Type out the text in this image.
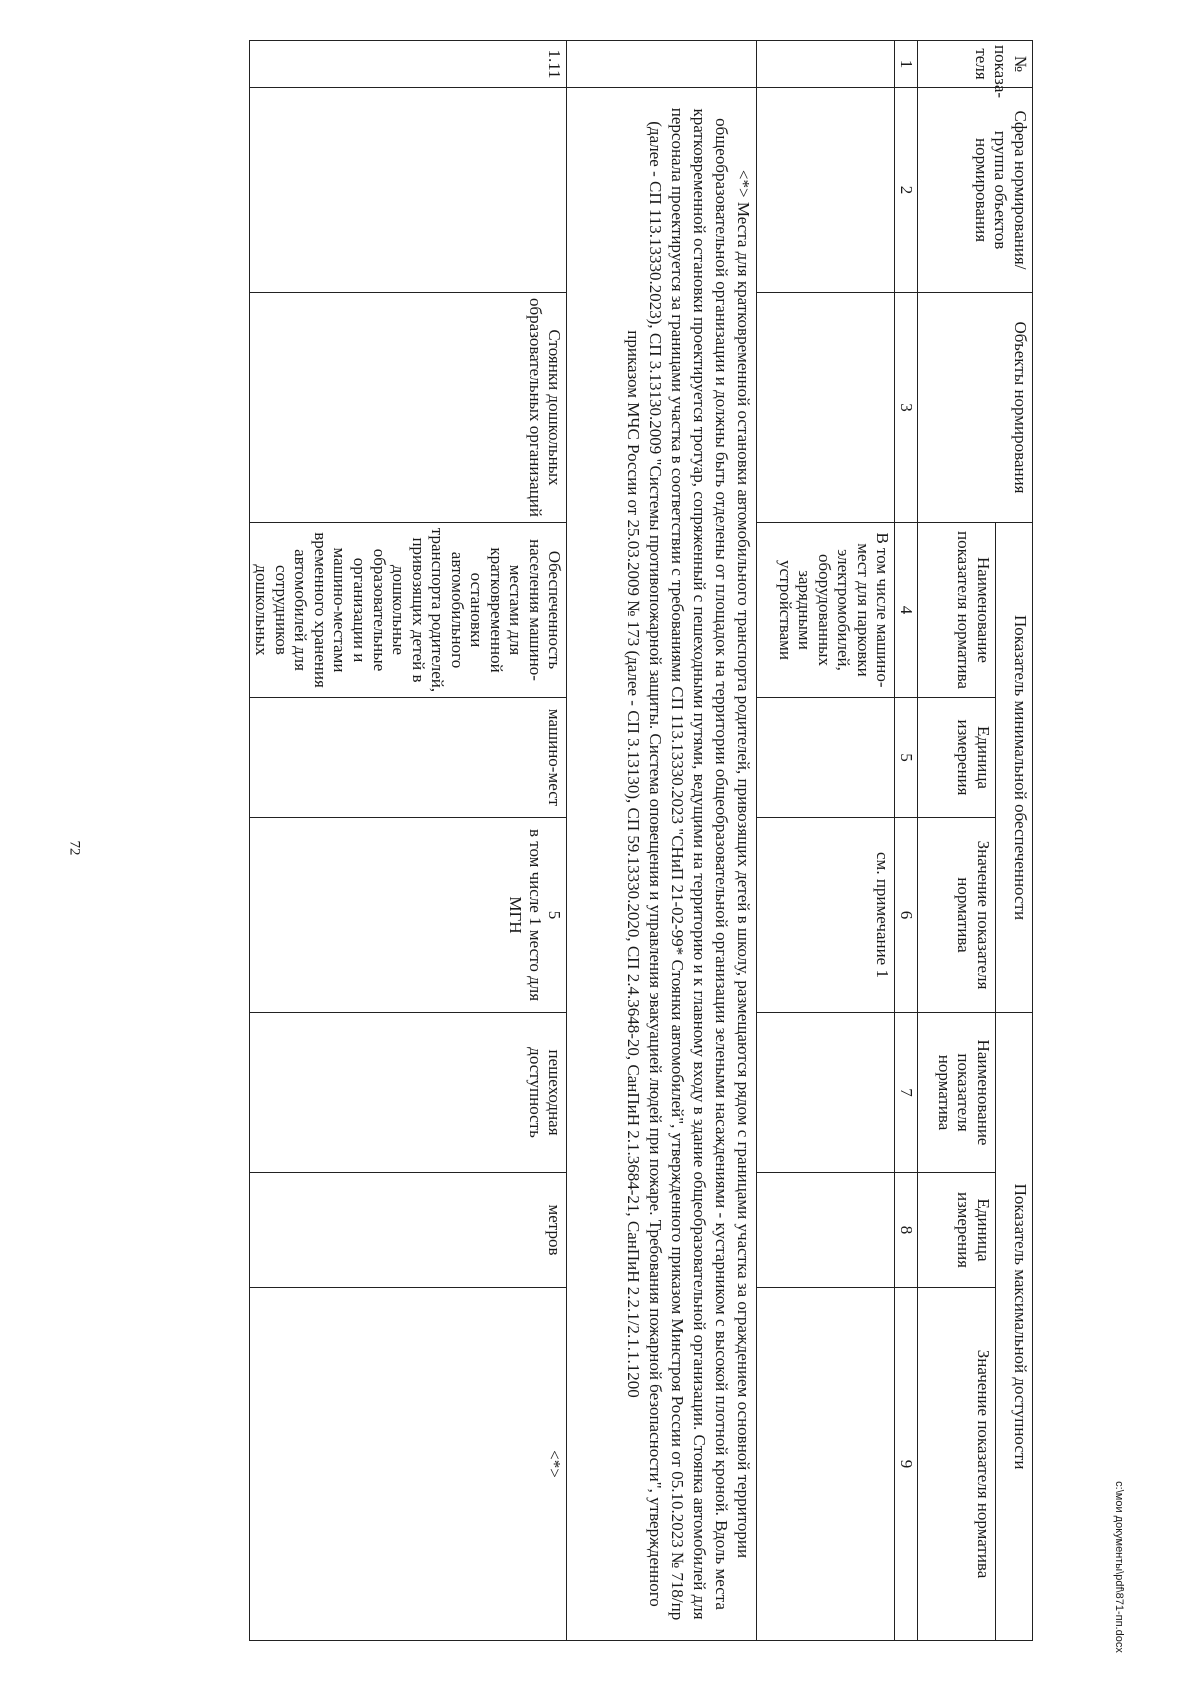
72
№ показа-теля	Сфера нормирования/ группа объектов нормирования	Объекты нормирования	Показатель минимальной обеспеченности			Показатель максимальной доступности		
			Наименование показателя норматива	Единица измерения	Значение показателя норматива	Наименование показателя норматива	Единица измерения	Значение показателя норматива
1	2	3	4	5	6	7	8	9
			В том числе машино-мест для парковки электромобилей, оборудованных зарядными устройствами		см. примечание 1			
	<*> Места для кратковременной остановки автомобильного транспорта родителей, привозящих детей в школу, размещаются рядом с границами участка за ограждением основной территории общеобразовательной организации и должны быть отделены от площадок на территории общеобразовательной организации зелеными насаждениями - кустарником с высокой плотной кроной. Вдоль места кратковременной остановки проектируется тротуар, сопряженный с пешеходными путями, ведущими на территорию и к главному входу в здание общеобразовательной организации. Стоянка автомобилей для персонала проектируется за границами участка в соответствии с требованиями СП 113.13330.2023 "СНиП 21-02-99* Стоянки автомобилей", утвержденного приказом Минстроя России от 05.10.2023 № 718/пр (далее - СП 113.13330.2023), СП 3.13130.2009 "Системы противопожарной защиты. Система оповещения и управления эвакуацией людей при пожаре. Требования пожарной безопасности", утвержденного приказом МЧС России от 25.03.2009 № 173 (далее - СП 3.13130), СП 59.13330.2020, СП 2.4.3648-20, СанПиН 2.1.3684-21, СанПиН 2.2.1/2.1.1.1200							
1.11		Стоянки дошкольных образовательных организаций	Обеспеченность населения машино-местами для кратковременной остановки автомобильного транспорта родителей, привозящих детей в дошкольные образовательные организации и машино-местами временного хранения автомобилей для сотрудников дошкольных	машино-мест	5
в том числе 1 место для МГН	пешеходная доступность	метров	<*>
c:\мои документы\pdf\871-пп.docx
